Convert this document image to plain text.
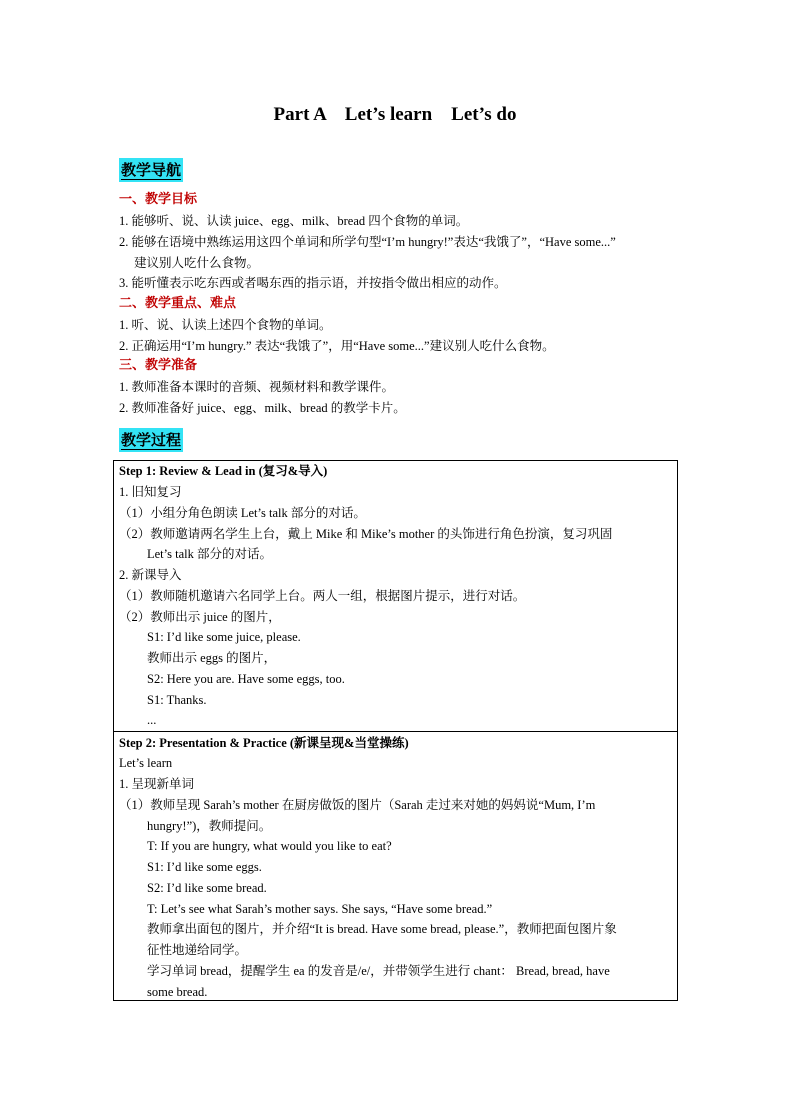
Part A    Let’s learn    Let’s do
教学导航
一、教学目标
1. 能够听、说、认读 juice、egg、milk、bread 四个食物的单词。
2. 能够在语境中熟练运用这四个单词和所学句型“I’m hungry!”表达“我饿了”，“Have some...”
建议别人吃什么食物。
3. 能听懂表示吃东西或者喝东西的指示语，并按指令做出相应的动作。
二、教学重点、难点
1. 听、说、认读上述四个食物的单词。
2. 正确运用“I’m hungry.” 表达“我饿了”，用“Have some...”建议别人吃什么食物。
三、教学准备
1. 教师准备本课时的音频、视频材料和教学课件。
2. 教师准备好 juice、egg、milk、bread 的教学卡片。
教学过程
Step 1: Review & Lead in (复习&导入)
1. 旧知复习
（1）小组分角色朗读 Let’s talk 部分的对话。
（2）教师邀请两名学生上台，戴上 Mike 和 Mike’s mother 的头饰进行角色扮演，复习巩固
Let’s talk 部分的对话。
2. 新课导入
（1）教师随机邀请六名同学上台。两人一组，根据图片提示，进行对话。
（2）教师出示 juice 的图片，
S1: I’d like some juice, please.
教师出示 eggs 的图片，
S2: Here you are. Have some eggs, too.
S1: Thanks.
...
Step 2: Presentation & Practice (新课呈现&当堂操练)
Let’s learn
1. 呈现新单词
（1）教师呈现 Sarah’s mother 在厨房做饭的图片（Sarah 走过来对她的妈妈说“Mum, I’m
hungry!”)，教师提问。
T: If you are hungry, what would you like to eat?
S1: I’d like some eggs.
S2: I’d like some bread.
T: Let’s see what Sarah’s mother says. She says, “Have some bread.”
教师拿出面包的图片，并介绍“It is bread. Have some bread, please.”，教师把面包图片象
征性地递给同学。
学习单词 bread，提醒学生 ea 的发音是/e/，并带领学生进行 chant： Bread, bread, have
some bread.
